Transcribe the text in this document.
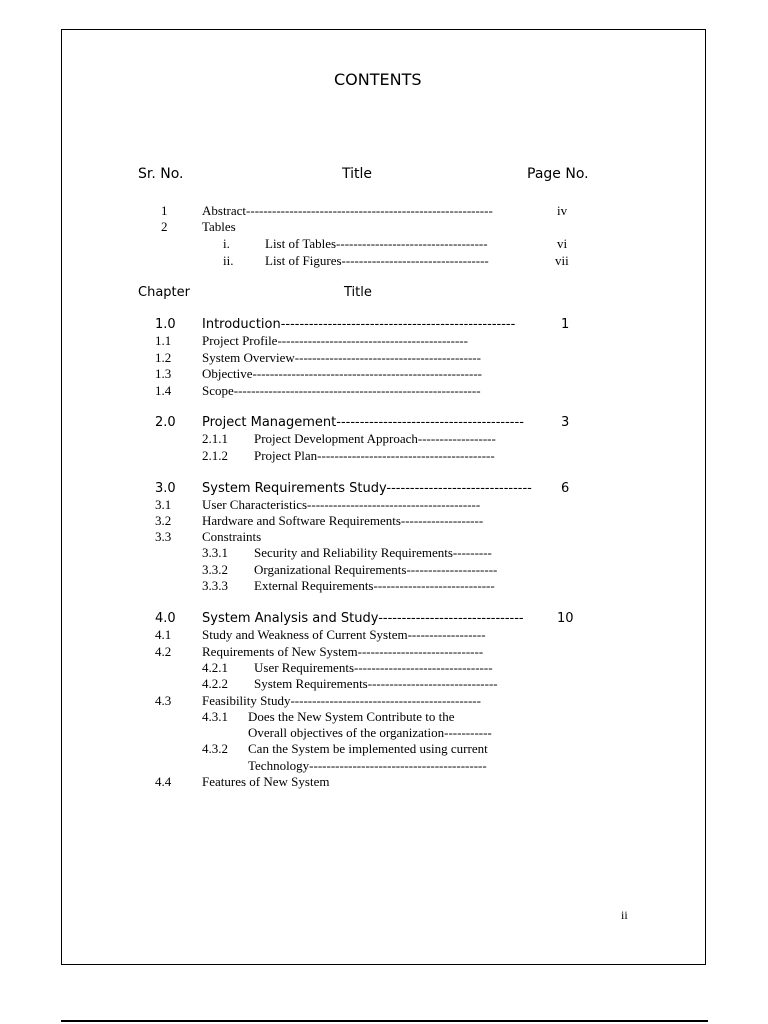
CONTENTS
Sr. No.	Title	Page No.
1	Abstract---------------------------------------------------------	iv
2	Tables
i.	List of Tables-----------------------------------	vi
ii. List of Figures----------------------------------	vii
Chapter	Title
1.0 Introduction--------------------------------------------------	1
1.1 Project Profile--------------------------------------------
1.2 System Overview-------------------------------------------
1.3 Objective-----------------------------------------------------
1.4 Scope---------------------------------------------------------
2.0 Project Management----------------------------------------	3
2.1.1 Project Development Approach------------------
2.1.2 Project Plan-----------------------------------------
3.0 System Requirements Study------------------------------- 6
3.1 User Characteristics----------------------------------------
3.2 Hardware and Software Requirements-------------------
3.3 Constraints
3.3.1 Security and Reliability Requirements---------
3.3.2 Organizational Requirements---------------------
3.3.3 External Requirements----------------------------
4.0 System Analysis and Study-------------------------------	10
4.1 Study and Weakness of Current System------------------
4.2 Requirements of New System-----------------------------
4.2.1 User Requirements--------------------------------
4.2.2 System Requirements------------------------------
4.3 Feasibility Study--------------------------------------------
4.3.1 Does the New System Contribute to the
Overall objectives of the organization-----------
4.3.2 Can the System be implemented using current
Technology-----------------------------------------
4.4 Features of New System
ii
